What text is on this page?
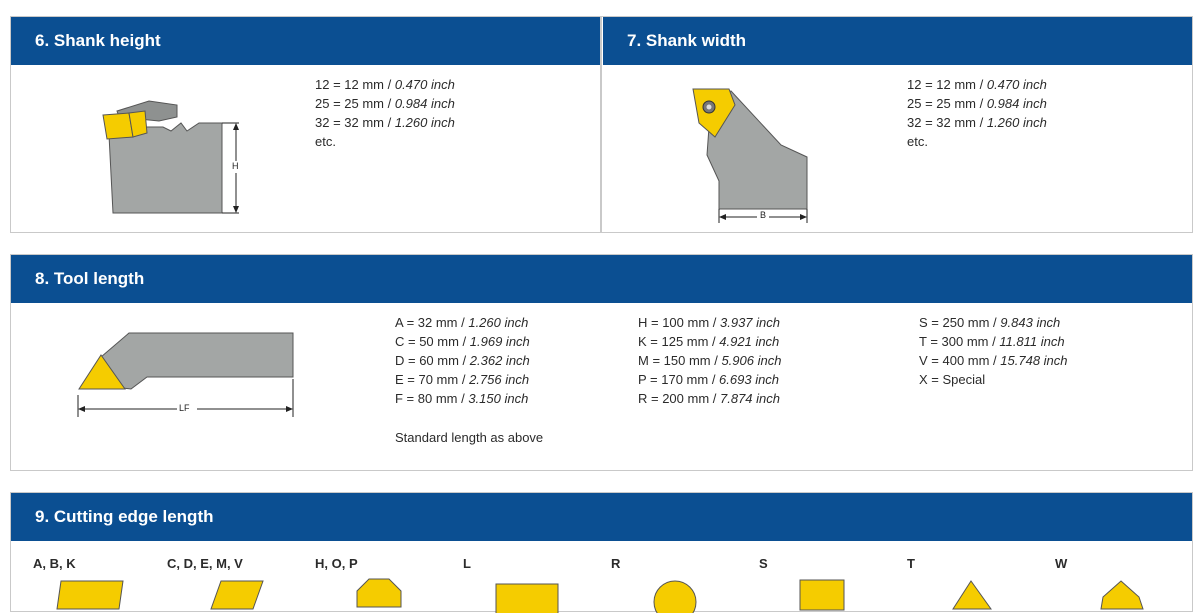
6. Shank height	7. Shank width
H
12 = 12 mm / 0.470 inch
25 = 25 mm / 0.984 inch
32 = 32 mm / 1.260 inch
etc.
B
12 = 12 mm / 0.470 inch
25 = 25 mm / 0.984 inch
32 = 32 mm / 1.260 inch
etc.
8. Tool length
LF
A = 32 mm / 1.260 inch
C = 50 mm / 1.969 inch
D = 60 mm / 2.362 inch
E = 70 mm / 2.756 inch
F = 80 mm / 3.150 inch
H = 100 mm / 3.937 inch
K = 125 mm / 4.921 inch
M = 150 mm / 5.906 inch
P = 170 mm / 6.693 inch
R = 200 mm / 7.874 inch
S = 250 mm / 9.843 inch
T = 300 mm / 11.811 inch
V = 400 mm / 15.748 inch
X = Special
Standard length as above
9. Cutting edge length
A, B, K	C, D, E, M, V	H, O, P	L	R	S	T	W
